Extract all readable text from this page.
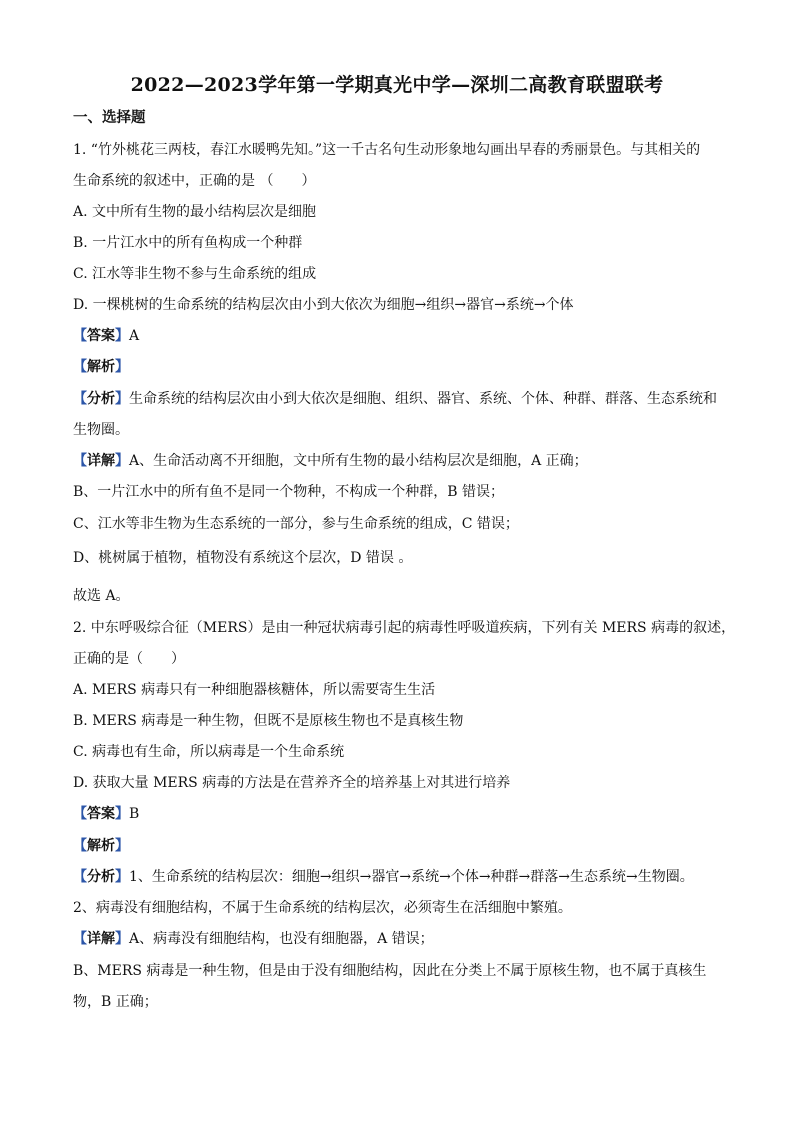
2022—2023学年第一学期真光中学—深圳二高教育联盟联考

一、选择题

1. “竹外桃花三两枝，春江水暖鸭先知。”这一千古名句生动形象地勾画出早春的秀丽景色。与其相关的

生命系统的叙述中，正确的是 （　　）

A. 文中所有生物的最小结构层次是细胞

B. 一片江水中的所有鱼构成一个种群

C. 江水等非生物不参与生命系统的组成

D. 一棵桃树的生命系统的结构层次由小到大依次为细胞→组织→器官→系统→个体

【答案】A

【解析】

【分析】生命系统的结构层次由小到大依次是细胞、组织、器官、系统、个体、种群、群落、生态系统和

生物圈。

【详解】A、生命活动离不开细胞，文中所有生物的最小结构层次是细胞，A 正确；

B、一片江水中的所有鱼不是同一个物种，不构成一个种群，B 错误；

C、江水等非生物为生态系统的一部分，参与生命系统的组成，C 错误；

D、桃树属于植物，植物没有系统这个层次，D 错误 。

故选 A。

2. 中东呼吸综合征（MERS）是由一种冠状病毒引起的病毒性呼吸道疾病，下列有关 MERS 病毒的叙述，

正确的是（　　）

A. MERS 病毒只有一种细胞器核糖体，所以需要寄生生活

B. MERS 病毒是一种生物，但既不是原核生物也不是真核生物

C. 病毒也有生命，所以病毒是一个生命系统

D. 获取大量 MERS 病毒的方法是在营养齐全的培养基上对其进行培养

【答案】B

【解析】

【分析】1、生命系统的结构层次：细胞→组织→器官→系统→个体→种群→群落→生态系统→生物圈。

2、病毒没有细胞结构，不属于生命系统的结构层次，必须寄生在活细胞中繁殖。

【详解】A、病毒没有细胞结构，也没有细胞器，A 错误；

B、MERS 病毒是一种生物，但是由于没有细胞结构，因此在分类上不属于原核生物，也不属于真核生

物，B 正确；
